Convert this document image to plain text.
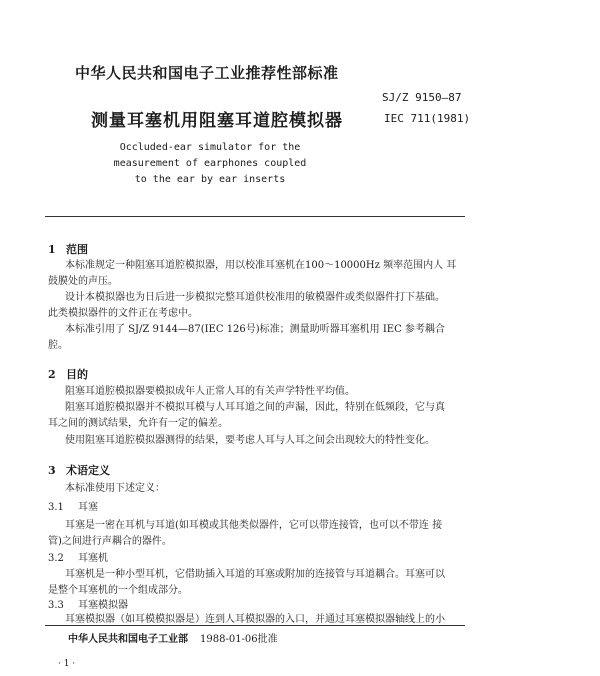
中华人民共和国电子工业推荐性部标准
SJ/Z 9150—87
测量耳塞机用阻塞耳道腔模拟器	IEC 711(1981)
Occluded-ear simulator for the
measurement of earphones coupled
to the ear by ear inserts
1 范围
本标准规定一种阻塞耳道腔模拟器，用以校准耳塞机在100～10000Hz 频率范围内人 耳
鼓膜处的声压。
设计本模拟器也为日后进一步模拟完整耳道供校准用的敏模器件或类似器件打下基础。
此类模拟器件的文件正在考虑中。
本标准引用了 SJ/Z 9144—87(IEC 126号)标准；测量助听器耳塞机用 IEC 参考耦合
腔。
2 目的
阻塞耳道腔模拟器要模拟成年人正常人耳的有关声学特性平均值。
阻塞耳道腔模拟器并不模拟耳模与人耳耳道之间的声漏，因此，特别在低频段，它与真
耳之间的测试结果，允许有一定的偏差。
使用阻塞耳道腔模拟器测得的结果，要考虑人耳与人耳之间会出现较大的特性变化。
3 术语定义
本标准使用下述定义：
3.1 耳塞
耳塞是一密在耳机与耳道(如耳模或其他类似器件，它可以带连接管，也可以不带连 接
管)之间进行声耦合的器件。
3.2 耳塞机
耳塞机是一种小型耳机，它借助插入耳道的耳塞或附加的连接管与耳道耦合。耳塞可以
是整个耳塞机的一个组成部分。
3.3 耳塞模拟器
耳塞模拟器（如耳模模拟器是）连到人耳模拟器的入口，并通过耳塞模拟器轴线上的小
中华人民共和国电子工业部 1988-01-06批准
· 1 ·
